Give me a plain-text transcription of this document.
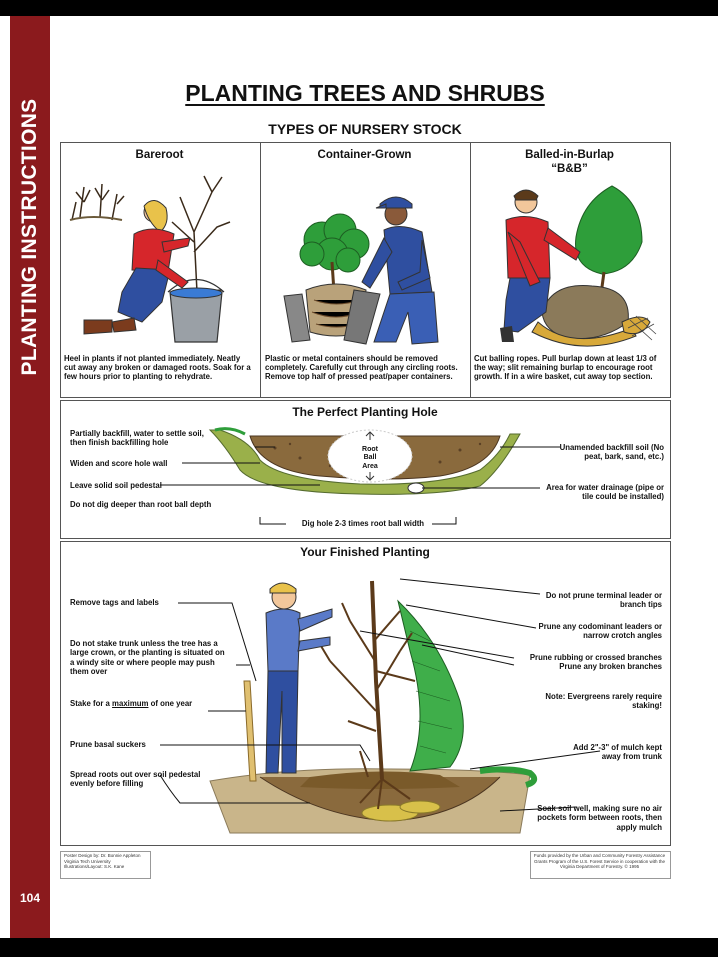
PLANTING INSTRUCTIONS
104
PLANTING TREES AND SHRUBS
TYPES OF NURSERY STOCK
Bareroot	Container-Grown	Balled-in-Burlap
“B&B”
Heel in plants if not planted immediately. Neatly cut away any broken or damaged roots. Soak for a few hours prior to planting to rehydrate.
Plastic or metal containers should be removed completely. Carefully cut through any circling roots. Remove top half of pressed peat/paper containers.
Cut balling ropes. Pull burlap down at least 1/3 of the way; slit remaining burlap to encourage root growth. If in a wire basket, cut away top section.
The Perfect Planting Hole
Partially backfill, water to settle soil, then finish backfilling hole
Widen and score hole wall
Leave solid soil pedestal
Do not dig deeper than root ball depth
Unamended backfill soil (No peat, bark, sand, etc.)
Area for water drainage (pipe or tile could be installed)
Root Ball Area
Dig hole 2-3 times root ball width
Your Finished Planting
Remove tags and labels
Do not stake trunk unless the tree has a large crown, or the planting is situated on a windy site or where people may push them over
Stake for a maximum of one year
Prune basal suckers
Spread roots out over soil pedestal evenly before filling
Do not prune terminal leader or branch tips
Prune any codominant leaders or narrow crotch angles
Prune rubbing or crossed branches Prune any broken branches
Note: Evergreens rarely require staking!
Add 2"-3" of mulch kept away from trunk
Soak soil well, making sure no air pockets form between roots, then apply mulch
Poster Design by: Dr. Bonnie Appleton Virginia Tech University Illustrations/Layout: S.K. Kane
Funds provided by the Urban and Community Forestry Assistance Grants Program of the U.S. Forest Service in cooperation with the Virginia Department of Forestry. © 1995
